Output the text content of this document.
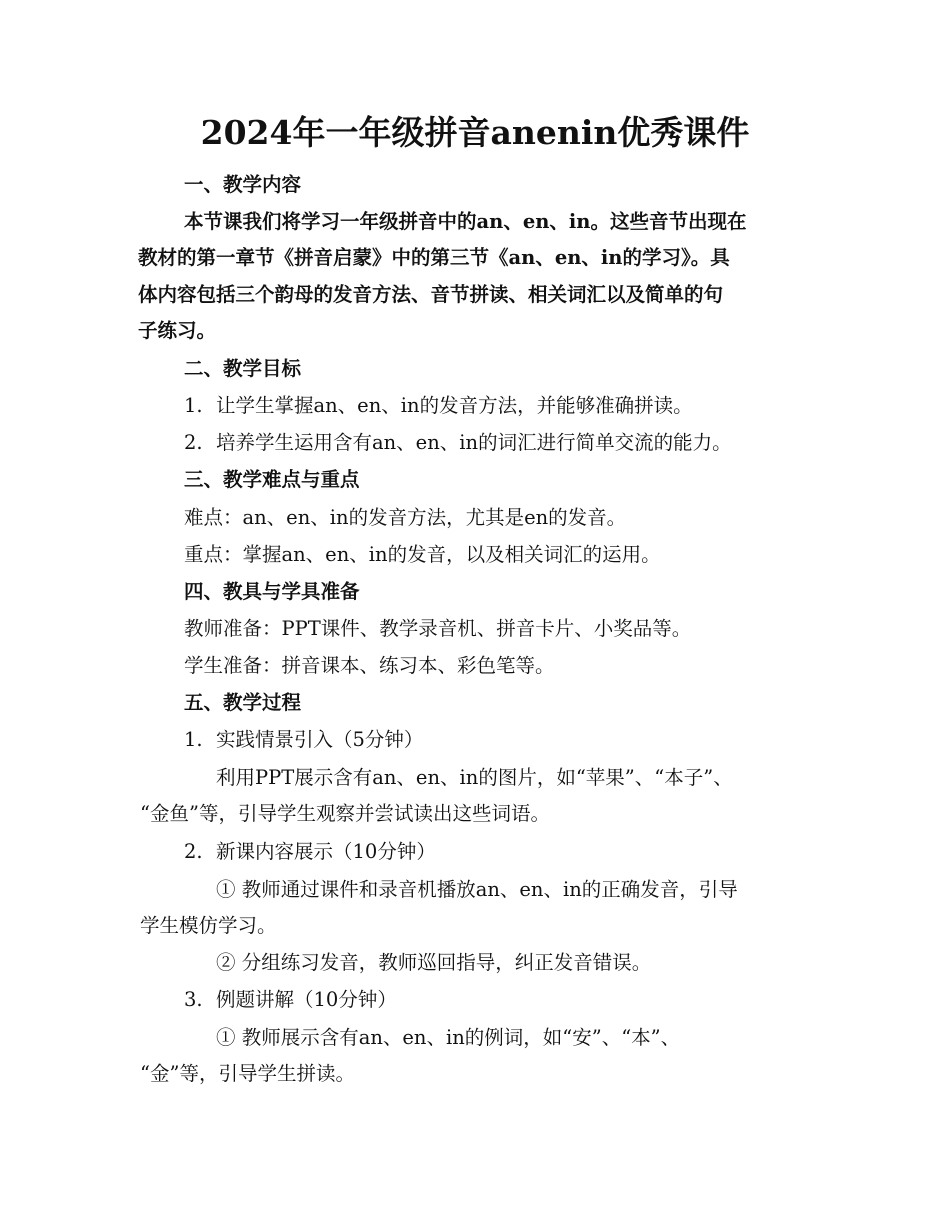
2024年一年级拼音anenin优秀课件
一、教学内容
本节课我们将学习一年级拼音中的an、en、in。这些音节出现在
教材的第一章节《拼音启蒙》中的第三节《an、en、in的学习》。具
体内容包括三个韵母的发音方法、音节拼读、相关词汇以及简单的句
子练习。
二、教学目标
1. 让学生掌握an、en、in的发音方法，并能够准确拼读。
2. 培养学生运用含有an、en、in的词汇进行简单交流的能力。
三、教学难点与重点
难点：an、en、in的发音方法，尤其是en的发音。
重点：掌握an、en、in的发音，以及相关词汇的运用。
四、教具与学具准备
教师准备：PPT课件、教学录音机、拼音卡片、小奖品等。
学生准备：拼音课本、练习本、彩色笔等。
五、教学过程
1. 实践情景引入（5分钟）
利用PPT展示含有an、en、in的图片，如“苹果”、“本子”、
“金鱼”等，引导学生观察并尝试读出这些词语。
2. 新课内容展示（10分钟）
① 教师通过课件和录音机播放an、en、in的正确发音，引导
学生模仿学习。
② 分组练习发音，教师巡回指导，纠正发音错误。
3. 例题讲解（10分钟）
① 教师展示含有an、en、in的例词，如“安”、“本”、
“金”等，引导学生拼读。
